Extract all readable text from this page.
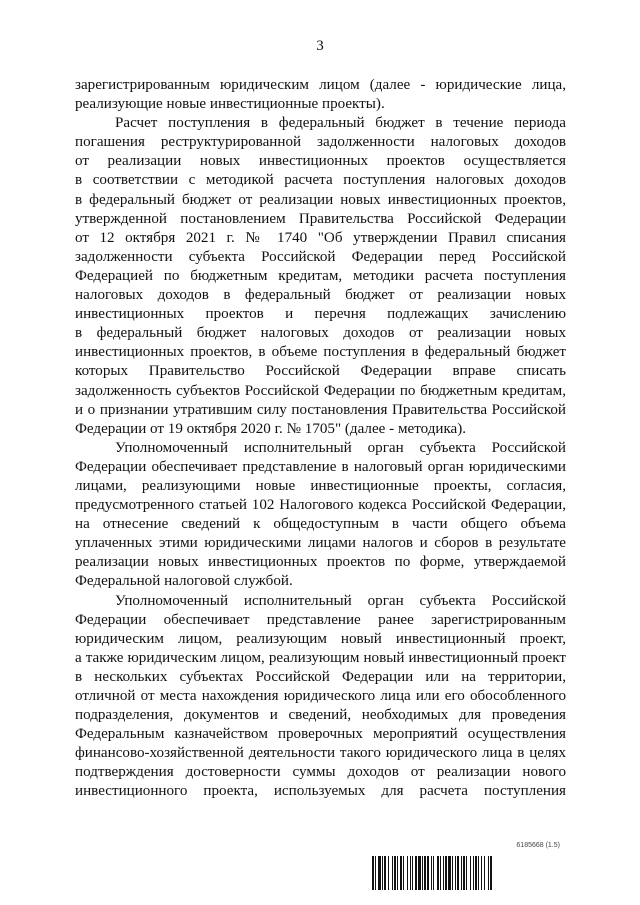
3

зарегистрированным юридическим лицом (далее - юридические лица,

реализующие новые инвестиционные проекты).

Расчет поступления в федеральный бюджет в течение периода

погашения реструктурированной задолженности налоговых доходов

от реализации новых инвестиционных проектов осуществляется

в соответствии с методикой расчета поступления налоговых доходов

в федеральный бюджет от реализации новых инвестиционных проектов,

утвержденной постановлением Правительства Российской Федерации

от 12 октября 2021 г. № 1740 "Об утверждении Правил списания

задолженности субъекта Российской Федерации перед Российской

Федерацией по бюджетным кредитам, методики расчета поступления

налоговых доходов в федеральный бюджет от реализации новых

инвестиционных проектов и перечня подлежащих зачислению

в федеральный бюджет налоговых доходов от реализации новых

инвестиционных проектов, в объеме поступления в федеральный бюджет

которых Правительство Российской Федерации вправе списать

задолженность субъектов Российской Федерации по бюджетным кредитам,

и о признании утратившим силу постановления Правительства Российской

Федерации от 19 октября 2020 г. № 1705" (далее - методика).

Уполномоченный исполнительный орган субъекта Российской

Федерации обеспечивает представление в налоговый орган юридическими

лицами, реализующими новые инвестиционные проекты, согласия,

предусмотренного статьей 102 Налогового кодекса Российской Федерации,

на отнесение сведений к общедоступным в части общего объема

уплаченных этими юридическими лицами налогов и сборов в результате

реализации новых инвестиционных проектов по форме, утверждаемой

Федеральной налоговой службой.

Уполномоченный исполнительный орган субъекта Российской

Федерации обеспечивает представление ранее зарегистрированным

юридическим лицом, реализующим новый инвестиционный проект,

а также юридическим лицом, реализующим новый инвестиционный проект

в нескольких субъектах Российской Федерации или на территории,

отличной от места нахождения юридического лица или его обособленного

подразделения, документов и сведений, необходимых для проведения

Федеральным казначейством проверочных мероприятий осуществления

финансово-хозяйственной деятельности такого юридического лица в целях

подтверждения достоверности суммы доходов от реализации нового

инвестиционного проекта, используемых для расчета поступления

6185668 (1.5)
